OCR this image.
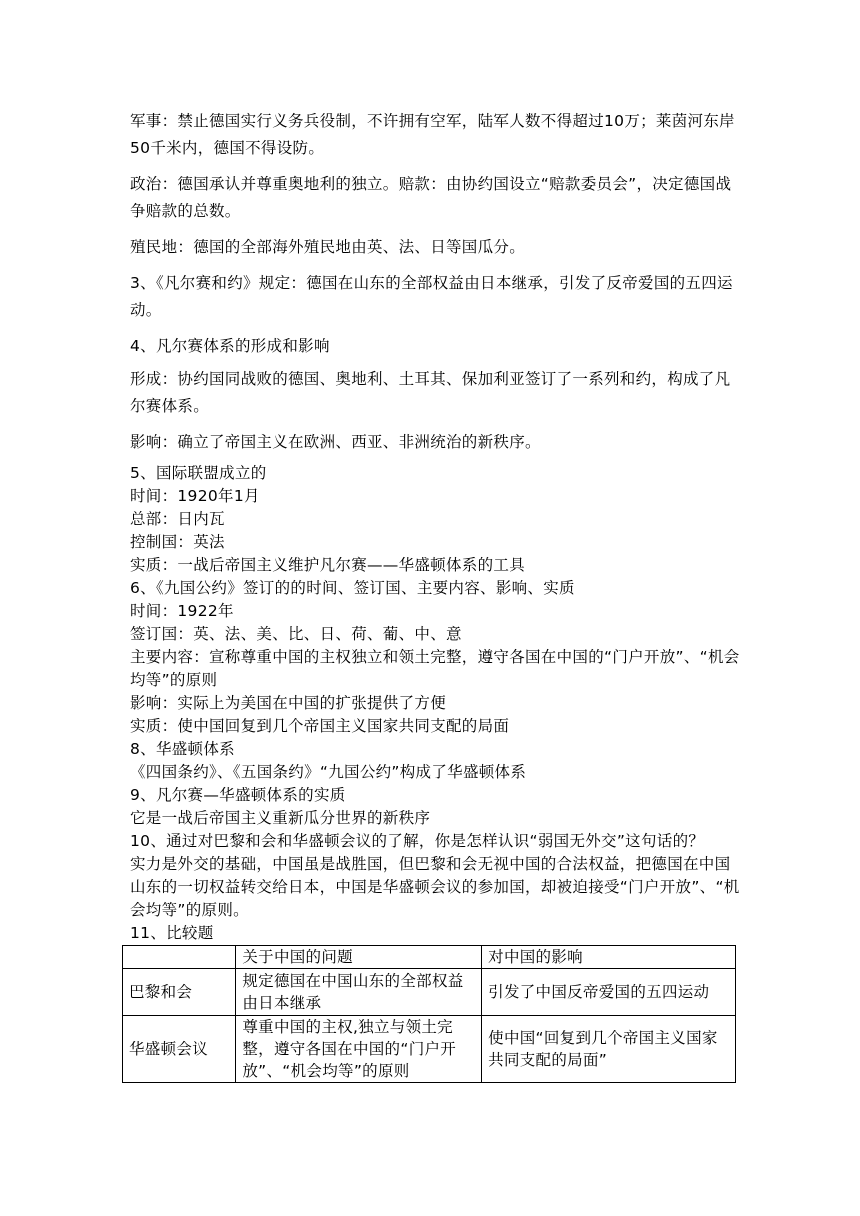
军事：禁止德国实行义务兵役制，不许拥有空军，陆军人数不得超过10万；莱茵河东岸50千米内，德国不得设防。

政治：德国承认并尊重奥地利的独立。赔款：由协约国设立“赔款委员会”，决定德国战争赔款的总数。

殖民地：德国的全部海外殖民地由英、法、日等国瓜分。

3、《凡尔赛和约》规定：德国在山东的全部权益由日本继承，引发了反帝爱国的五四运动。

4、凡尔赛体系的形成和影响

形成：协约国同战败的德国、奥地利、土耳其、保加利亚签订了一系列和约，构成了凡尔赛体系。

影响：确立了帝国主义在欧洲、西亚、非洲统治的新秩序。

5、国际联盟成立的

时间：1920年1月

总部：日内瓦

控制国：英法

实质：一战后帝国主义维护凡尔赛——华盛顿体系的工具

6、《九国公约》签订的的时间、签订国、主要内容、影响、实质

时间：1922年

签订国：英、法、美、比、日、荷、葡、中、意

主要内容：宣称尊重中国的主权独立和领土完整，遵守各国在中国的“门户开放”、“机会均等”的原则

影响：实际上为美国在中国的扩张提供了方便

实质：使中国回复到几个帝国主义国家共同支配的局面

8、华盛顿体系

《四国条约》、《五国条约》“九国公约”构成了华盛顿体系

9、凡尔赛—华盛顿体系的实质

它是一战后帝国主义重新瓜分世界的新秩序

10、通过对巴黎和会和华盛顿会议的了解，你是怎样认识“弱国无外交”这句话的？

实力是外交的基础，中国虽是战胜国，但巴黎和会无视中国的合法权益，把德国在中国山东的一切权益转交给日本，中国是华盛顿会议的参加国，却被迫接受“门户开放”、“机会均等”的原则。

11、比较题

	关于中国的问题	对中国的影响
巴黎和会	规定德国在中国山东的全部权益由日本继承	引发了中国反帝爱国的五四运动
华盛顿会议	尊重中国的主权,独立与领土完整，遵守各国在中国的“门户开放”、“机会均等”的原则	使中国“回复到几个帝国主义国家共同支配的局面”
